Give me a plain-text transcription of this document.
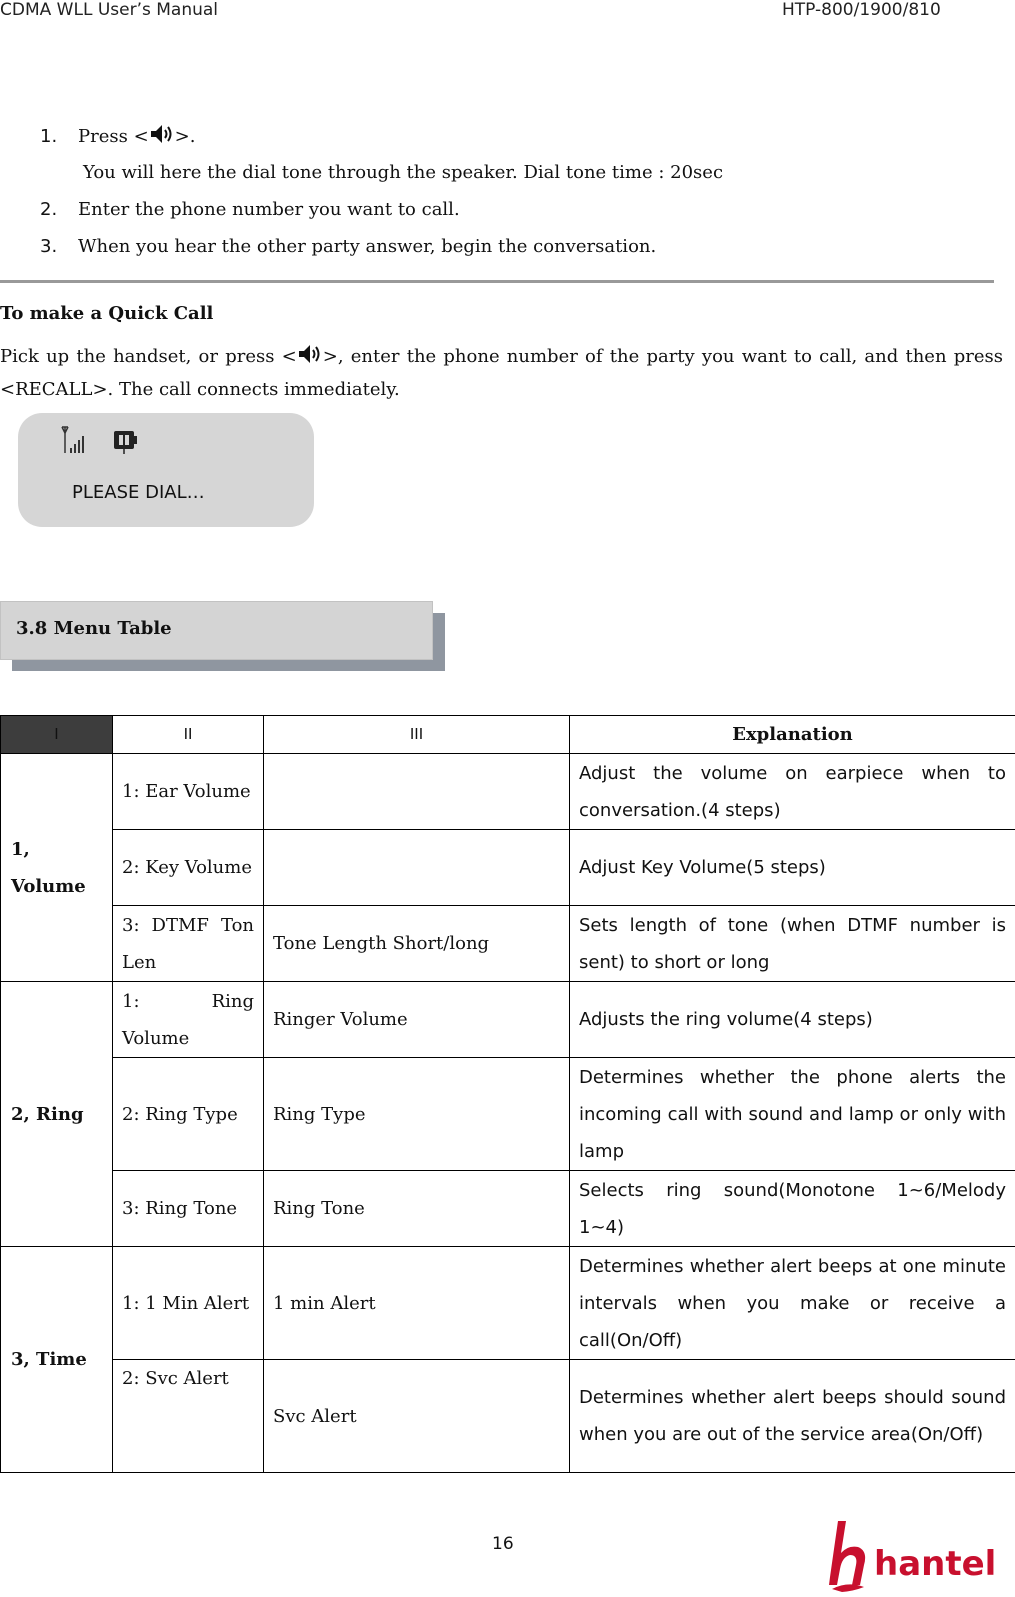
CDMA WLL User’s Manual	HTP-800/1900/810
1. Press < >.
You will here the dial tone through the speaker. Dial tone time : 20sec
2. Enter the phone number you want to call.
3. When you hear the other party answer, begin the conversation.
To make a Quick Call
Pick up the handset, or press < >, enter the phone number of the party you want to call, and then press <RECALL>. The call connects immediately.
PLEASE DIAL…
3.8 Menu Table
I	II	III	Explanation
1, Volume	1: Ear Volume		Adjust the volume on earpiece when to conversation.(4 steps)
	2: Key Volume		Adjust Key Volume(5 steps)
	3: DTMF Ton Len	Tone Length Short/long	Sets length of tone (when DTMF number is sent) to short or long
2, Ring	1: Ring Volume	Ringer Volume	Adjusts the ring volume(4 steps)
	2: Ring Type	Ring Type	Determines whether the phone alerts the incoming call with sound and lamp or only with lamp
	3: Ring Tone	Ring Tone	Selects ring sound(Monotone 1~6/Melody 1~4)
3, Time	1: 1 Min Alert	1 min Alert	Determines whether alert beeps at one minute intervals when you make or receive a call(On/Off)
	2: Svc Alert	Svc Alert	Determines whether alert beeps should sound when you are out of the service area(On/Off)
16	hantel
